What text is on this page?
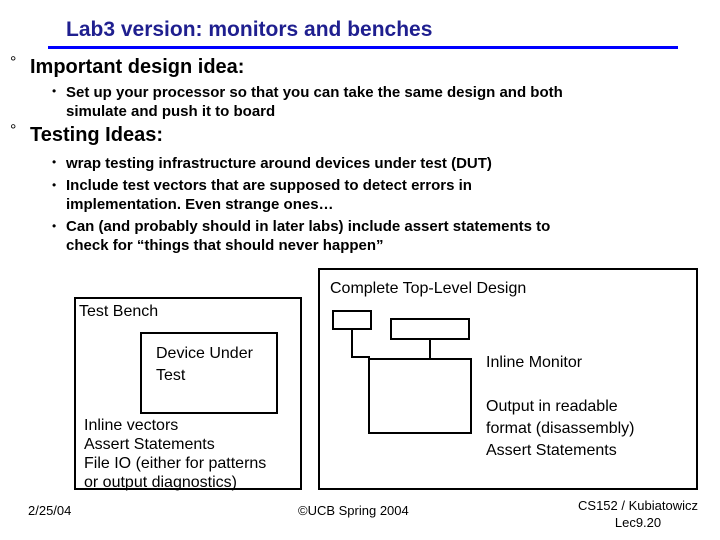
Lab3 version: monitors and benches
° Important design idea:
• Set up your processor so that you can take the same design and both
simulate and push it to board
° Testing Ideas:
• wrap testing infrastructure around devices under test (DUT)
• Include test vectors that are supposed to detect errors in
implementation. Even strange ones…
• Can (and probably should in later labs) include assert statements to
check for “things that should never happen”
Complete Top-Level Design
Test Bench
Device Under
Test
Inline Monitor
Inline vectors
Assert Statements
File IO (either for patterns
or output diagnostics)
Output in readable
format (disassembly)
Assert Statements
2/25/04	©UCB Spring 2004	CS152 / Kubiatowicz
Lec9.20
